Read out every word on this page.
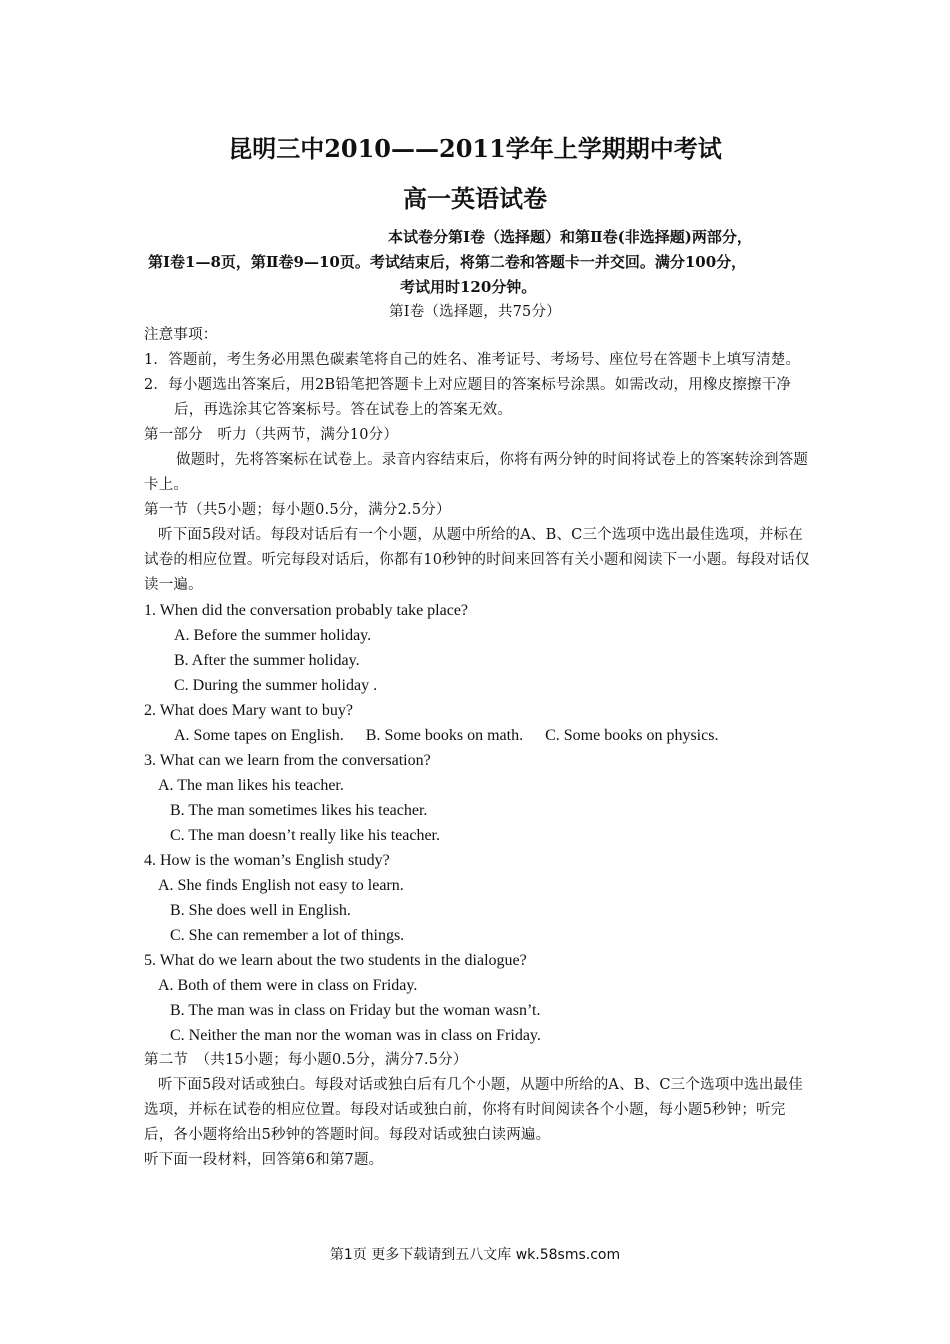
昆明三中2010——2011学年上学期期中考试
高一英语试卷
本试卷分第Ⅰ卷（选择题）和第Ⅱ卷(非选择题)两部分，
第Ⅰ卷1—8页，第Ⅱ卷9—10页。考试结束后，将第二卷和答题卡一并交回。满分100分，
考试用时120分钟。
第Ⅰ卷（选择题，共75分）

注意事项：

1．答题前，考生务必用黑色碳素笔将自己的姓名、准考证号、考场号、座位号在答题卡上填写清楚。

2．每小题选出答案后，用2B铅笔把答题卡上对应题目的答案标号涂黑。如需改动，用橡皮擦擦干净后，再选涂其它答案标号。答在试卷上的答案无效。

第一部分　听力（共两节，满分10分）

做题时，先将答案标在试卷上。录音内容结束后，你将有两分钟的时间将试卷上的答案转涂到答题卡上。

第一节（共5小题；每小题0.5分，满分2.5分）

听下面5段对话。每段对话后有一个小题，从题中所给的A、B、C三个选项中选出最佳选项，并标在试卷的相应位置。听完每段对话后，你都有10秒钟的时间来回答有关小题和阅读下一小题。每段对话仅读一遍。

1. When did the conversation probably take place?

A. Before the summer holiday.

B. After the summer holiday.

C. During the summer holiday .

2. What does Mary want to buy?

A. Some tapes on English. B. Some books on math. C. Some books on physics.

3. What can we learn from the conversation?

A. The man likes his teacher.

B. The man sometimes likes his teacher.

C. The man doesn’t really like his teacher.

4. How is the woman’s English study?

A. She finds English not easy to learn.

B. She does well in English.

C. She can remember a lot of things.

5. What do we learn about the two students in the dialogue?

A. Both of them were in class on Friday.

B. The man was in class on Friday but the woman wasn’t.

C. Neither the man nor the woman was in class on Friday.

第二节　（共15小题；每小题0.5分，满分7.5分）

听下面5段对话或独白。每段对话或独白后有几个小题，从题中所给的A、B、C三个选项中选出最佳选项，并标在试卷的相应位置。每段对话或独白前，你将有时间阅读各个小题，每小题5秒钟；听完后，各小题将给出5秒钟的答题时间。每段对话或独白读两遍。

听下面一段材料，回答第6和第7题。

第1页 更多下载请到五八文库 wk.58sms.com
